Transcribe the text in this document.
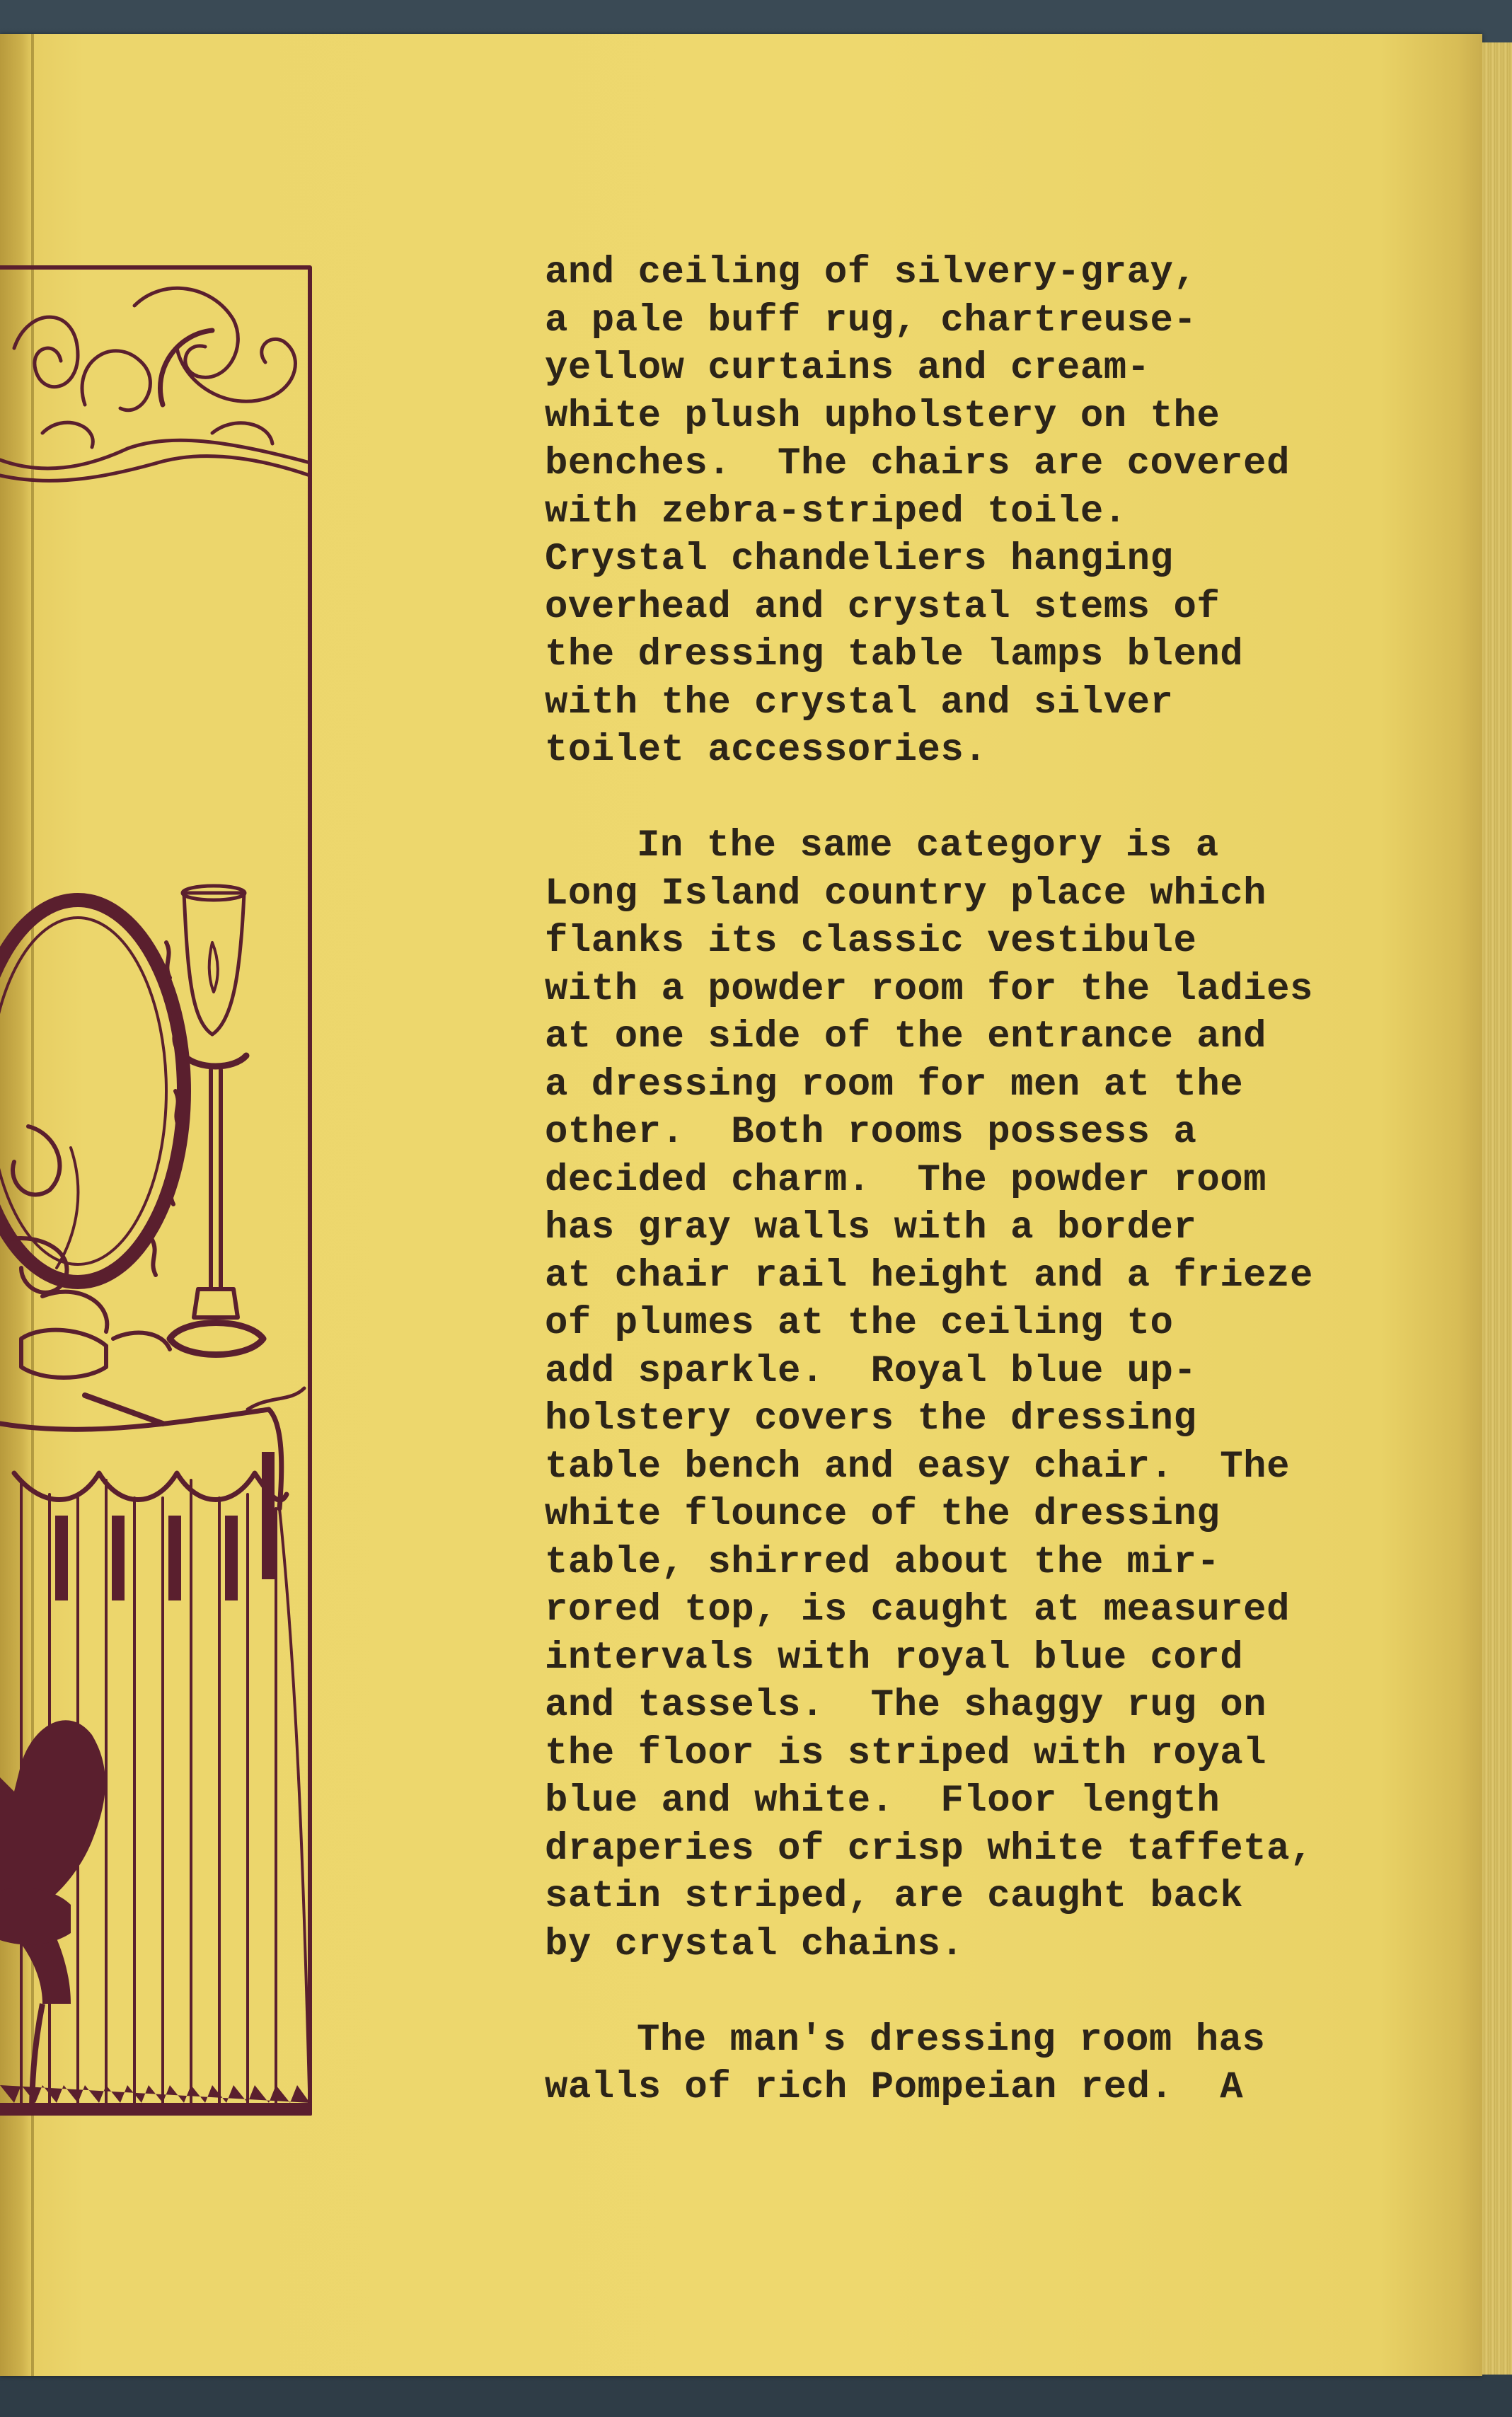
and ceiling of silvery-gray,
a pale buff rug, chartreuse-
yellow curtains and cream-
white plush upholstery on the
benches.  The chairs are covered
with zebra-striped toile.
Crystal chandeliers hanging
overhead and crystal stems of
the dressing table lamps blend
with the crystal and silver
toilet accessories.
In the same category is a
Long Island country place which
flanks its classic vestibule
with a powder room for the ladies
at one side of the entrance and
a dressing room for men at the
other.  Both rooms possess a
decided charm.  The powder room
has gray walls with a border
at chair rail height and a frieze
of plumes at the ceiling to
add sparkle.  Royal blue up-
holstery covers the dressing
table bench and easy chair.  The
white flounce of the dressing
table, shirred about the mir-
rored top, is caught at measured
intervals with royal blue cord
and tassels.  The shaggy rug on
the floor is striped with royal
blue and white.  Floor length
draperies of crisp white taffeta,
satin striped, are caught back
by crystal chains.
The man's dressing room has
walls of rich Pompeian red.  A
